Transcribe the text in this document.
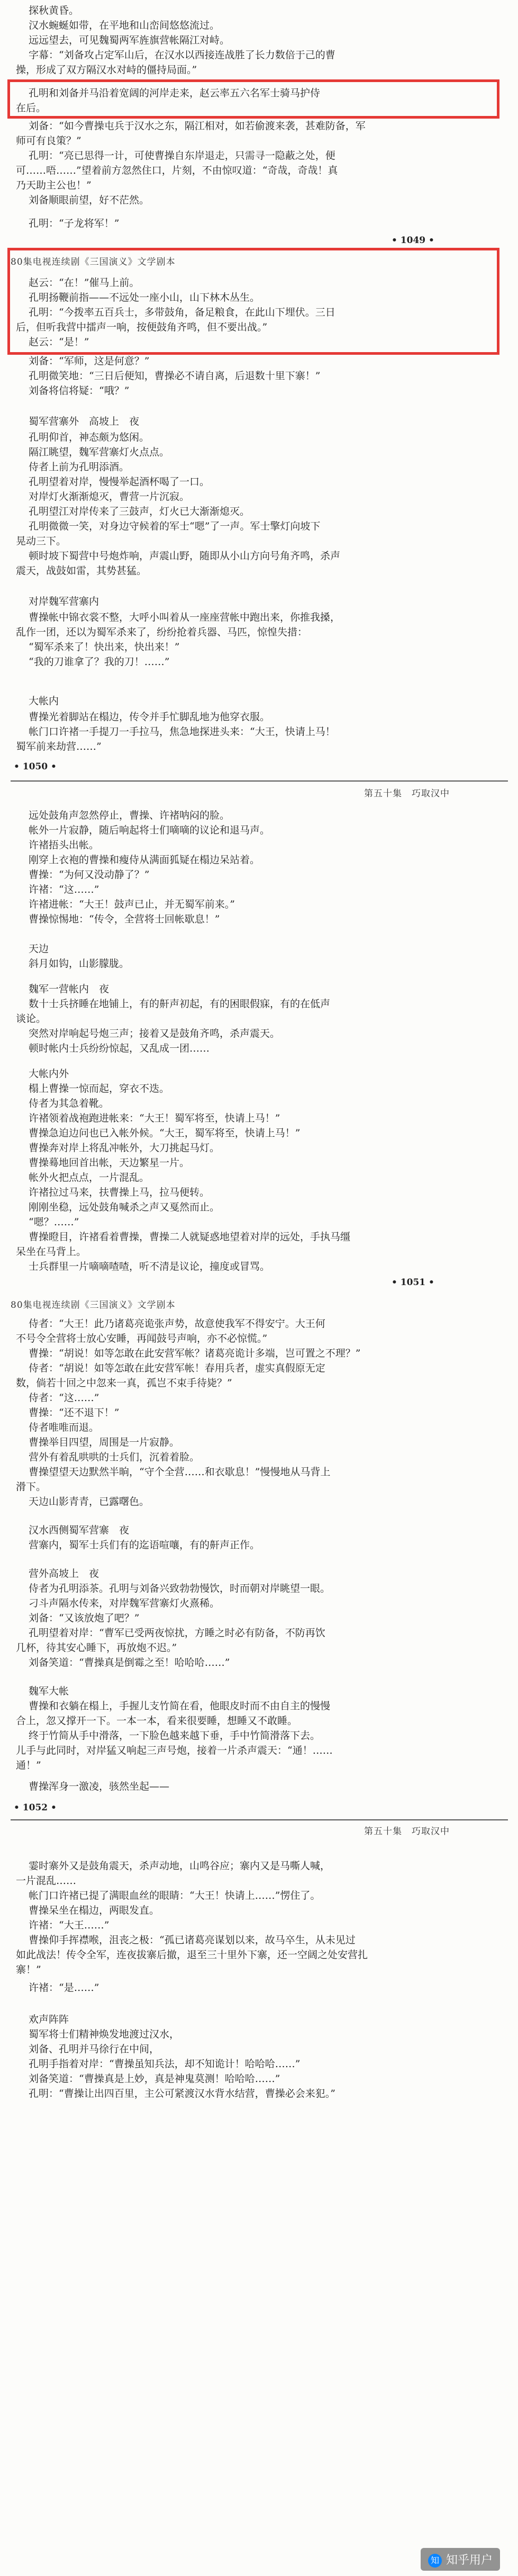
探秋黄昏。
汉水蜿蜒如带，在平地和山峦间悠悠流过。
远远望去，可见魏蜀两军旌旗营帐隔江对峙。
字幕：“刘备攻占定军山后，在汉水以西接连战胜了长力数倍于己的曹
操，形成了双方隔汉水对峙的僵持局面。”
孔明和刘备并马沿着宽阔的河岸走来，赵云率五六名军士骑马护侍
在后。
刘备：“如今曹操屯兵于汉水之东，隔江相对，如若偷渡来袭，甚难防备，军
师可有良策？”
孔明：“亮已思得一计，可使曹操自东岸退走，只需寻一隐蔽之处，便
可……唔……”望着前方忽然住口，片刻，不由惊叹道：“奇哉，奇哉！真
乃天助主公也！”
刘备顺眼前望，好不茫然。
孔明：“子龙将军！”
• 1049 •
80集电视连续剧《三国演义》文学剧本
赵云：“在！”催马上前。
孔明扬鞭前指——不远处一座小山，山下林木丛生。
孔明：“今拨率五百兵士，多带鼓角，备足粮食，在此山下埋伏。三日
后，但听我营中擂声一响，按便鼓角齐鸣，但不要出战。”
赵云：“是！”
刘备：“军师，这是何意？”
孔明微笑地：“三日后便知，曹操必不请自离，后退数十里下寨！”
刘备将信将疑：“哦？”
蜀军营寨外　高坡上　夜
孔明仰首，神态颇为悠闲。
隔江眺望，魏军营寨灯火点点。
侍者上前为孔明添酒。
孔明望着对岸，慢慢举起酒杯喝了一口。
对岸灯火渐渐熄灭，曹营一片沉寂。
孔明望江对岸传来了三鼓声，灯火已大渐渐熄灭。
孔明微微一笑，对身边守候着的军士“嗯”了一声。军士擎灯向坡下
晃动三下。
顿时坡下蜀营中号炮炸响，声震山野，随即从小山方向号角齐鸣，杀声
震天，战鼓如雷，其势甚猛。
对岸魏军营寨内
曹操帐中锦衣裳不整，大呼小叫着从一座座营帐中跑出来，你推我搡，
乱作一团，还以为蜀军杀来了，纷纷抢着兵器、马匹，惊惶失措：
“蜀军杀来了！快出来，快出来！”
“我的刀谁拿了？我的刀！……”
大帐内
曹操光着脚站在榻边，传令并手忙脚乱地为他穿衣服。
帐门口许褚一手提刀一手拉马，焦急地探进头来：“大王，快请上马！
蜀军前来劫营……”
• 1050 •
第五十集　巧取汉中
远处鼓角声忽然停止，曹操、许褚呐闷的脸。
帐外一片寂静，随后响起将士们嘀嘀的议论和退马声。
许褚捂头出帐。
刚穿上衣袍的曹操和瘦侍从满面狐疑在榻边呆站着。
曹操：“为何又没动静了？”
许褚：“这……”
许褚进帐：“大王！鼓声已止，并无蜀军前来。”
曹操惊惕地：“传令，全营将士回帐歇息！”
天边
斜月如钩，山影朦胧。
魏军一营帐内　夜
数十士兵挤睡在地铺上，有的鼾声初起，有的困眼假寐，有的在低声
谈论。
突然对岸响起号炮三声；接着又是鼓角齐鸣，杀声震天。
顿时帐内士兵纷纷惊起，又乱成一团……
大帐内外
榻上曹操一惊而起，穿衣不迭。
侍者为其急着靴。
许褚领着战袍跑进帐来：“大王！蜀军将至，快请上马！”
曹操急迫边问也已入帐外候。“大王，蜀军将至，快请上马！”
曹操奔对岸上将乱冲帐外，大刀挑起马灯。
曹操蓦地回首出帐，天边繁星一片。
帐外火把点点，一片混乱。
许褚拉过马来，扶曹操上马，拉马便转。
刚刚坐稳，远处鼓角喊杀之声又戛然而止。
“嗯？……”
曹操瞪目，许褚看着曹操，曹操二人就疑惑地望着对岸的远处，手执马缰
呆坐在马背上。
士兵群里一片嘀嘀喳喳，听不清是议论，撞度或冒骂。
• 1051 •
80集电视连续剧《三国演义》文学剧本
侍者：“大王！此乃诸葛亮诡张声势，故意使我军不得安宁。大王何
不号令全营将士放心安睡，再闻鼓号声响，亦不必惊慌。”
曹操：“胡说！如等怎敢在此安营军帐？诸葛亮诡计多端，岂可置之不理？”
侍者：“胡说！如等怎敢在此安营军帐！春用兵者，虚实真假原无定
数，倘若十回之中忽来一真，孤岂不束手待毙？”
侍者：“这……”
曹操：“还不退下！”
侍者唯唯而退。
曹操举目四望，周围是一片寂静。
营外有着乱哄哄的士兵们，沉着着脸。
曹操望望天边默然半晌，“守个全营……和衣歇息！”慢慢地从马背上
滑下。
天边山影青青，已露曙色。
汉水西侧蜀军营寨　夜
营寨内，蜀军士兵们有的迄语喧嚷，有的鼾声正作。
营外高坡上　夜
侍者为孔明添茶。孔明与刘备兴致勃勃慢饮，时而朝对岸眺望一眼。
刁斗声隔水传来，对岸魏军营寨灯火熹稀。
刘备：“又该放炮了吧？”
孔明望着对岸：“曹军已受两夜惊扰，方睡之时必有防备，不防再饮
几杯，待其安心睡下，再放炮不迟。”
刘备笑道：“曹操真是倒霉之至！哈哈哈……”
魏军大帐
曹操和衣躺在榻上，手握儿支竹简在看，他眼皮时而不由自主的慢慢
合上，忽又撑开一下。一本一本，看来很要睡，想睡又不敢睡。
终于竹简从手中滑落，一下脸色越来越下垂，手中竹简滑落下去。
儿手与此同时，对岸猛又响起三声号炮，接着一片杀声震天：“通！……
通！”
曹操浑身一激凌，骇然坐起——
• 1052 •
第五十集　巧取汉中
霎时寨外又是鼓角震天，杀声动地，山鸣谷应；寨内又是马嘶人喊，
一片混乱……
帐门口许褚已提了满眼血丝的眼睛：“大王！快请上……”愣住了。
曹操呆坐在榻边，两眼发直。
许褚：“大王……”
曹操仰手挥襟喉，沮丧之极：“孤已诸葛亮谋划以来，故马卒生，从未见过
如此战法！传令全军，连夜拔寨后撤，退至三十里外下寨，还一空阔之处安营扎
寨！”
许褚：“是……”
欢声阵阵
蜀军将士们精神焕发地渡过汉水，
刘备、孔明并马徐行在中间，
孔明手指着对岸：“曹操虽知兵法，却不知诡计！哈哈哈……”
刘备笑道：“曹操真是上妙，真是神鬼莫测！哈哈哈……”
孔明：“曹操让出四百里，主公可紧渡汉水背水结营，曹操必会来犯。”
知 知乎用户
